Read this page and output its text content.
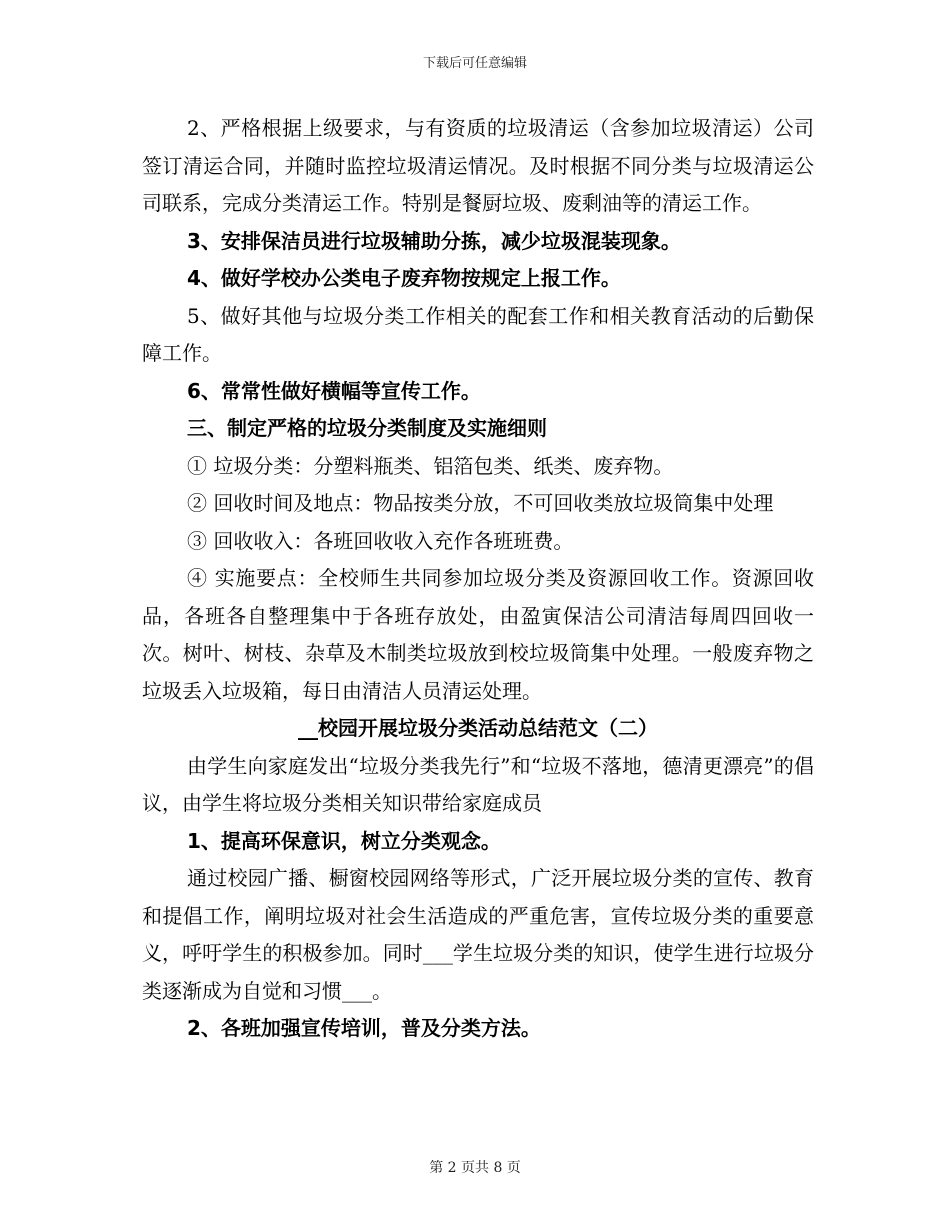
下载后可任意编辑

2、严格根据上级要求，与有资质的垃圾清运（含参加垃圾清运）公司签订清运合同，并随时监控垃圾清运情况。及时根据不同分类与垃圾清运公司联系，完成分类清运工作。特别是餐厨垃圾、废剩油等的清运工作。

3、安排保洁员进行垃圾辅助分拣，减少垃圾混装现象。

4、做好学校办公类电子废弃物按规定上报工作。

5、做好其他与垃圾分类工作相关的配套工作和相关教育活动的后勤保障工作。

6、常常性做好横幅等宣传工作。

三、制定严格的垃圾分类制度及实施细则

① 垃圾分类：分塑料瓶类、铝箔包类、纸类、废弃物。

② 回收时间及地点：物品按类分放，不可回收类放垃圾筒集中处理

③ 回收收入：各班回收收入充作各班班费。

④ 实施要点：全校师生共同参加垃圾分类及资源回收工作。资源回收品，各班各自整理集中于各班存放处，由盈寅保洁公司清洁每周四回收一次。树叶、树枝、杂草及木制类垃圾放到校垃圾筒集中处理。一般废弃物之垃圾丢入垃圾箱，每日由清洁人员清运处理。

__校园开展垃圾分类活动总结范文（二）

由学生向家庭发出“垃圾分类我先行”和“垃圾不落地，德清更漂亮”的倡议，由学生将垃圾分类相关知识带给家庭成员

1、提高环保意识，树立分类观念。

通过校园广播、橱窗校园网络等形式，广泛开展垃圾分类的宣传、教育和提倡工作，阐明垃圾对社会生活造成的严重危害，宣传垃圾分类的重要意义，呼吁学生的积极参加。同时___学生垃圾分类的知识，使学生进行垃圾分类逐渐成为自觉和习惯___。

2、各班加强宣传培训，普及分类方法。

第 2 页共 8 页
